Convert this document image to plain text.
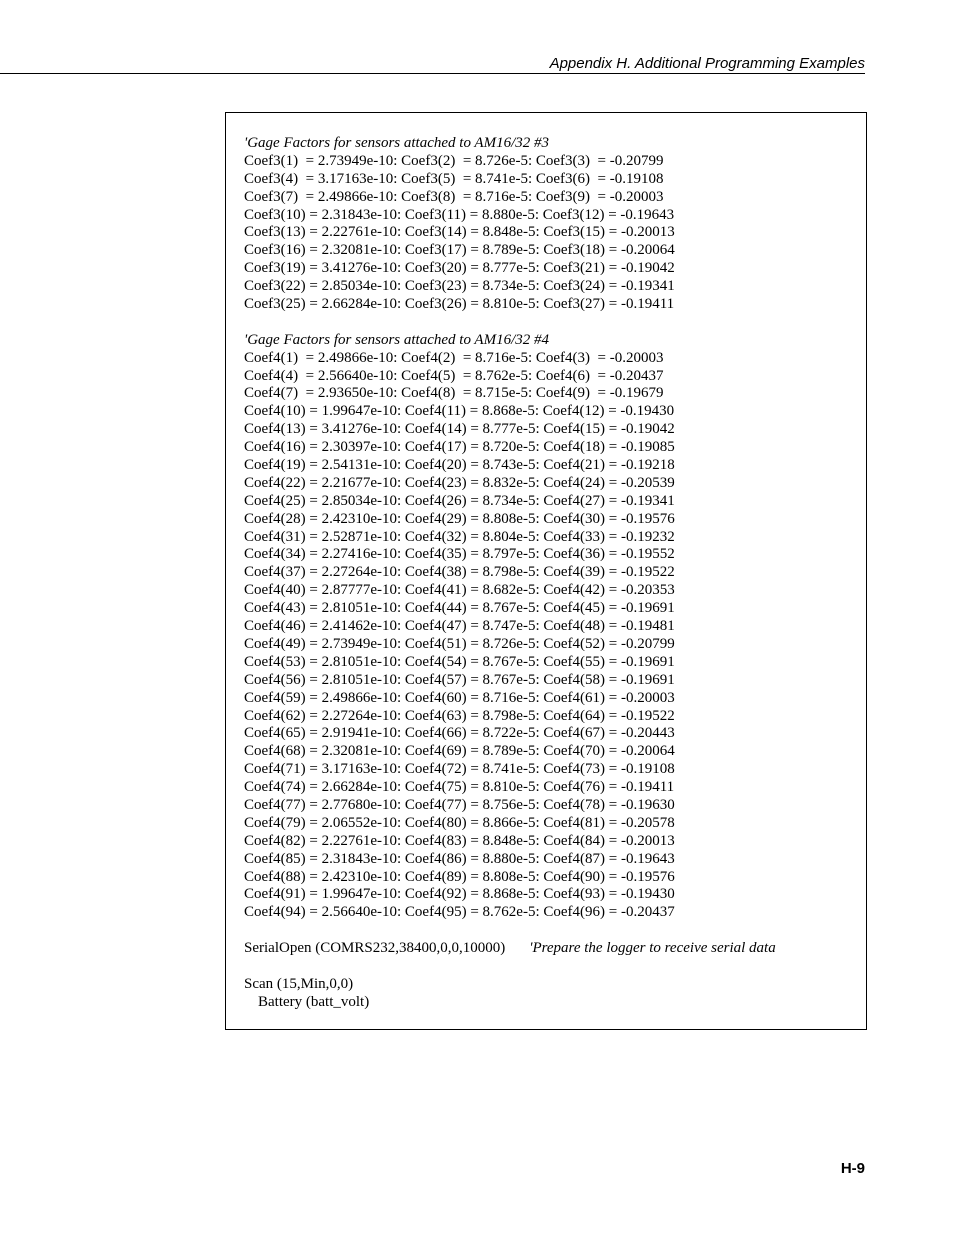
Appendix H. Additional Programming Examples
'Gage Factors for sensors attached to AM16/32 #3
Coef3(1)  = 2.73949e-10: Coef3(2)  = 8.726e-5: Coef3(3)  = -0.20799
Coef3(4)  = 3.17163e-10: Coef3(5)  = 8.741e-5: Coef3(6)  = -0.19108
Coef3(7)  = 2.49866e-10: Coef3(8)  = 8.716e-5: Coef3(9)  = -0.20003
Coef3(10) = 2.31843e-10: Coef3(11) = 8.880e-5: Coef3(12) = -0.19643
Coef3(13) = 2.22761e-10: Coef3(14) = 8.848e-5: Coef3(15) = -0.20013
Coef3(16) = 2.32081e-10: Coef3(17) = 8.789e-5: Coef3(18) = -0.20064
Coef3(19) = 3.41276e-10: Coef3(20) = 8.777e-5: Coef3(21) = -0.19042
Coef3(22) = 2.85034e-10: Coef3(23) = 8.734e-5: Coef3(24) = -0.19341
Coef3(25) = 2.66284e-10: Coef3(26) = 8.810e-5: Coef3(27) = -0.19411
'Gage Factors for sensors attached to AM16/32 #4
Coef4(1)  = 2.49866e-10: Coef4(2)  = 8.716e-5: Coef4(3)  = -0.20003
Coef4(4)  = 2.56640e-10: Coef4(5)  = 8.762e-5: Coef4(6)  = -0.20437
Coef4(7)  = 2.93650e-10: Coef4(8)  = 8.715e-5: Coef4(9)  = -0.19679
Coef4(10) = 1.99647e-10: Coef4(11) = 8.868e-5: Coef4(12) = -0.19430
Coef4(13) = 3.41276e-10: Coef4(14) = 8.777e-5: Coef4(15) = -0.19042
Coef4(16) = 2.30397e-10: Coef4(17) = 8.720e-5: Coef4(18) = -0.19085
Coef4(19) = 2.54131e-10: Coef4(20) = 8.743e-5: Coef4(21) = -0.19218
Coef4(22) = 2.21677e-10: Coef4(23) = 8.832e-5: Coef4(24) = -0.20539
Coef4(25) = 2.85034e-10: Coef4(26) = 8.734e-5: Coef4(27) = -0.19341
Coef4(28) = 2.42310e-10: Coef4(29) = 8.808e-5: Coef4(30) = -0.19576
Coef4(31) = 2.52871e-10: Coef4(32) = 8.804e-5: Coef4(33) = -0.19232
Coef4(34) = 2.27416e-10: Coef4(35) = 8.797e-5: Coef4(36) = -0.19552
Coef4(37) = 2.27264e-10: Coef4(38) = 8.798e-5: Coef4(39) = -0.19522
Coef4(40) = 2.87777e-10: Coef4(41) = 8.682e-5: Coef4(42) = -0.20353
Coef4(43) = 2.81051e-10: Coef4(44) = 8.767e-5: Coef4(45) = -0.19691
Coef4(46) = 2.41462e-10: Coef4(47) = 8.747e-5: Coef4(48) = -0.19481
Coef4(49) = 2.73949e-10: Coef4(51) = 8.726e-5: Coef4(52) = -0.20799
Coef4(53) = 2.81051e-10: Coef4(54) = 8.767e-5: Coef4(55) = -0.19691
Coef4(56) = 2.81051e-10: Coef4(57) = 8.767e-5: Coef4(58) = -0.19691
Coef4(59) = 2.49866e-10: Coef4(60) = 8.716e-5: Coef4(61) = -0.20003
Coef4(62) = 2.27264e-10: Coef4(63) = 8.798e-5: Coef4(64) = -0.19522
Coef4(65) = 2.91941e-10: Coef4(66) = 8.722e-5: Coef4(67) = -0.20443
Coef4(68) = 2.32081e-10: Coef4(69) = 8.789e-5: Coef4(70) = -0.20064
Coef4(71) = 3.17163e-10: Coef4(72) = 8.741e-5: Coef4(73) = -0.19108
Coef4(74) = 2.66284e-10: Coef4(75) = 8.810e-5: Coef4(76) = -0.19411
Coef4(77) = 2.77680e-10: Coef4(77) = 8.756e-5: Coef4(78) = -0.19630
Coef4(79) = 2.06552e-10: Coef4(80) = 8.866e-5: Coef4(81) = -0.20578
Coef4(82) = 2.22761e-10: Coef4(83) = 8.848e-5: Coef4(84) = -0.20013
Coef4(85) = 2.31843e-10: Coef4(86) = 8.880e-5: Coef4(87) = -0.19643
Coef4(88) = 2.42310e-10: Coef4(89) = 8.808e-5: Coef4(90) = -0.19576
Coef4(91) = 1.99647e-10: Coef4(92) = 8.868e-5: Coef4(93) = -0.19430
Coef4(94) = 2.56640e-10: Coef4(95) = 8.762e-5: Coef4(96) = -0.20437
SerialOpen (COMRS232,38400,0,0,10000) 'Prepare the logger to receive serial data
Scan (15,Min,0,0)
Battery (batt_volt)
H-9
